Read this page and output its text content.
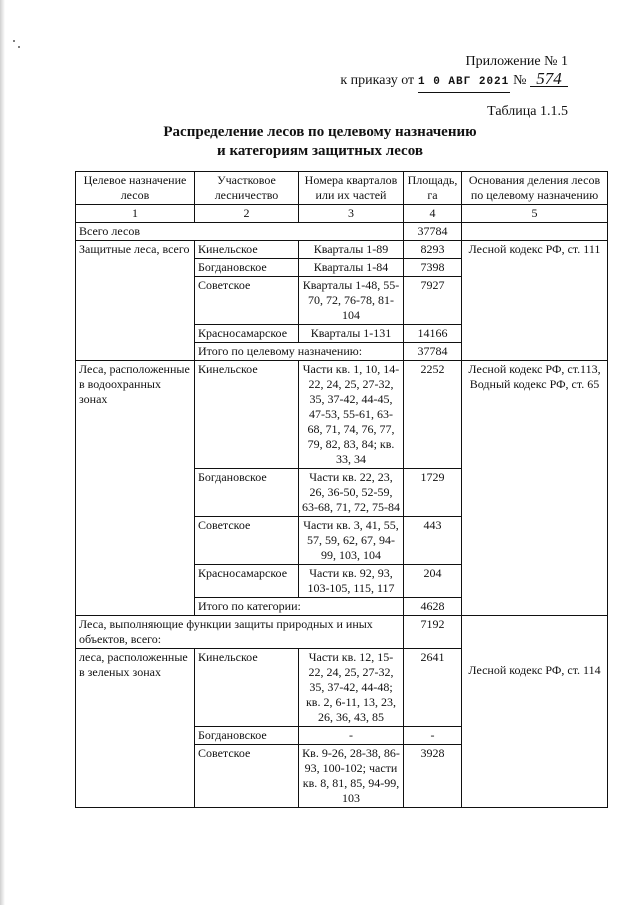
Приложение № 1
к приказу от 1 0 АВГ 2021 № 574
Таблица 1.1.5
Распределение лесов по целевому назначению
и категориям защитных лесов
Целевое назначение лесов	Участковое лесничество	Номера кварталов или их частей	Площадь, га	Основания деления лесов по целевому назначению
1	2	3	4	5
Всего лесов			37784	
Защитные леса, всего	Кинельское	Кварталы 1-89	8293	Лесной кодекс РФ, ст. 111
	Богдановское	Кварталы 1-84	7398	
	Советское	Кварталы 1-48, 55-70, 72, 76-78, 81-104	7927	
	Красносамарское	Кварталы 1-131	14166	
	Итого по целевому назначению:		37784	
Леса, расположенные в водоохранных зонах	Кинельское	Части кв. 1, 10, 14-22, 24, 25, 27-32, 35, 37-42, 44-45, 47-53, 55-61, 63-68, 71, 74, 76, 77, 79, 82, 83, 84; кв. 33, 34	2252	Лесной кодекс РФ, ст.113, Водный кодекс РФ, ст. 65
	Богдановское	Части кв. 22, 23, 26, 36-50, 52-59, 63-68, 71, 72, 75-84	1729	
	Советское	Части кв. 3, 41, 55, 57, 59, 62, 67, 94-99, 103, 104	443	
	Красносамарское	Части кв. 92, 93, 103-105, 115, 117	204	
	Итого по категории:		4628	
Леса, выполняющие функции защиты природных и иных объектов, всего:			7192	Лесной кодекс РФ, ст. 114

леса, расположенные в зеленых зонах	Кинельское	Части кв. 12, 15-22, 24, 25, 27-32, 35, 37-42, 44-48; кв. 2, 6-11, 13, 23, 26, 36, 43, 85	2641	
	Богдановское	-	-	
	Советское	Кв. 9-26, 28-38, 86-93, 100-102; части кв. 8, 81, 85, 94-99, 103	3928	
